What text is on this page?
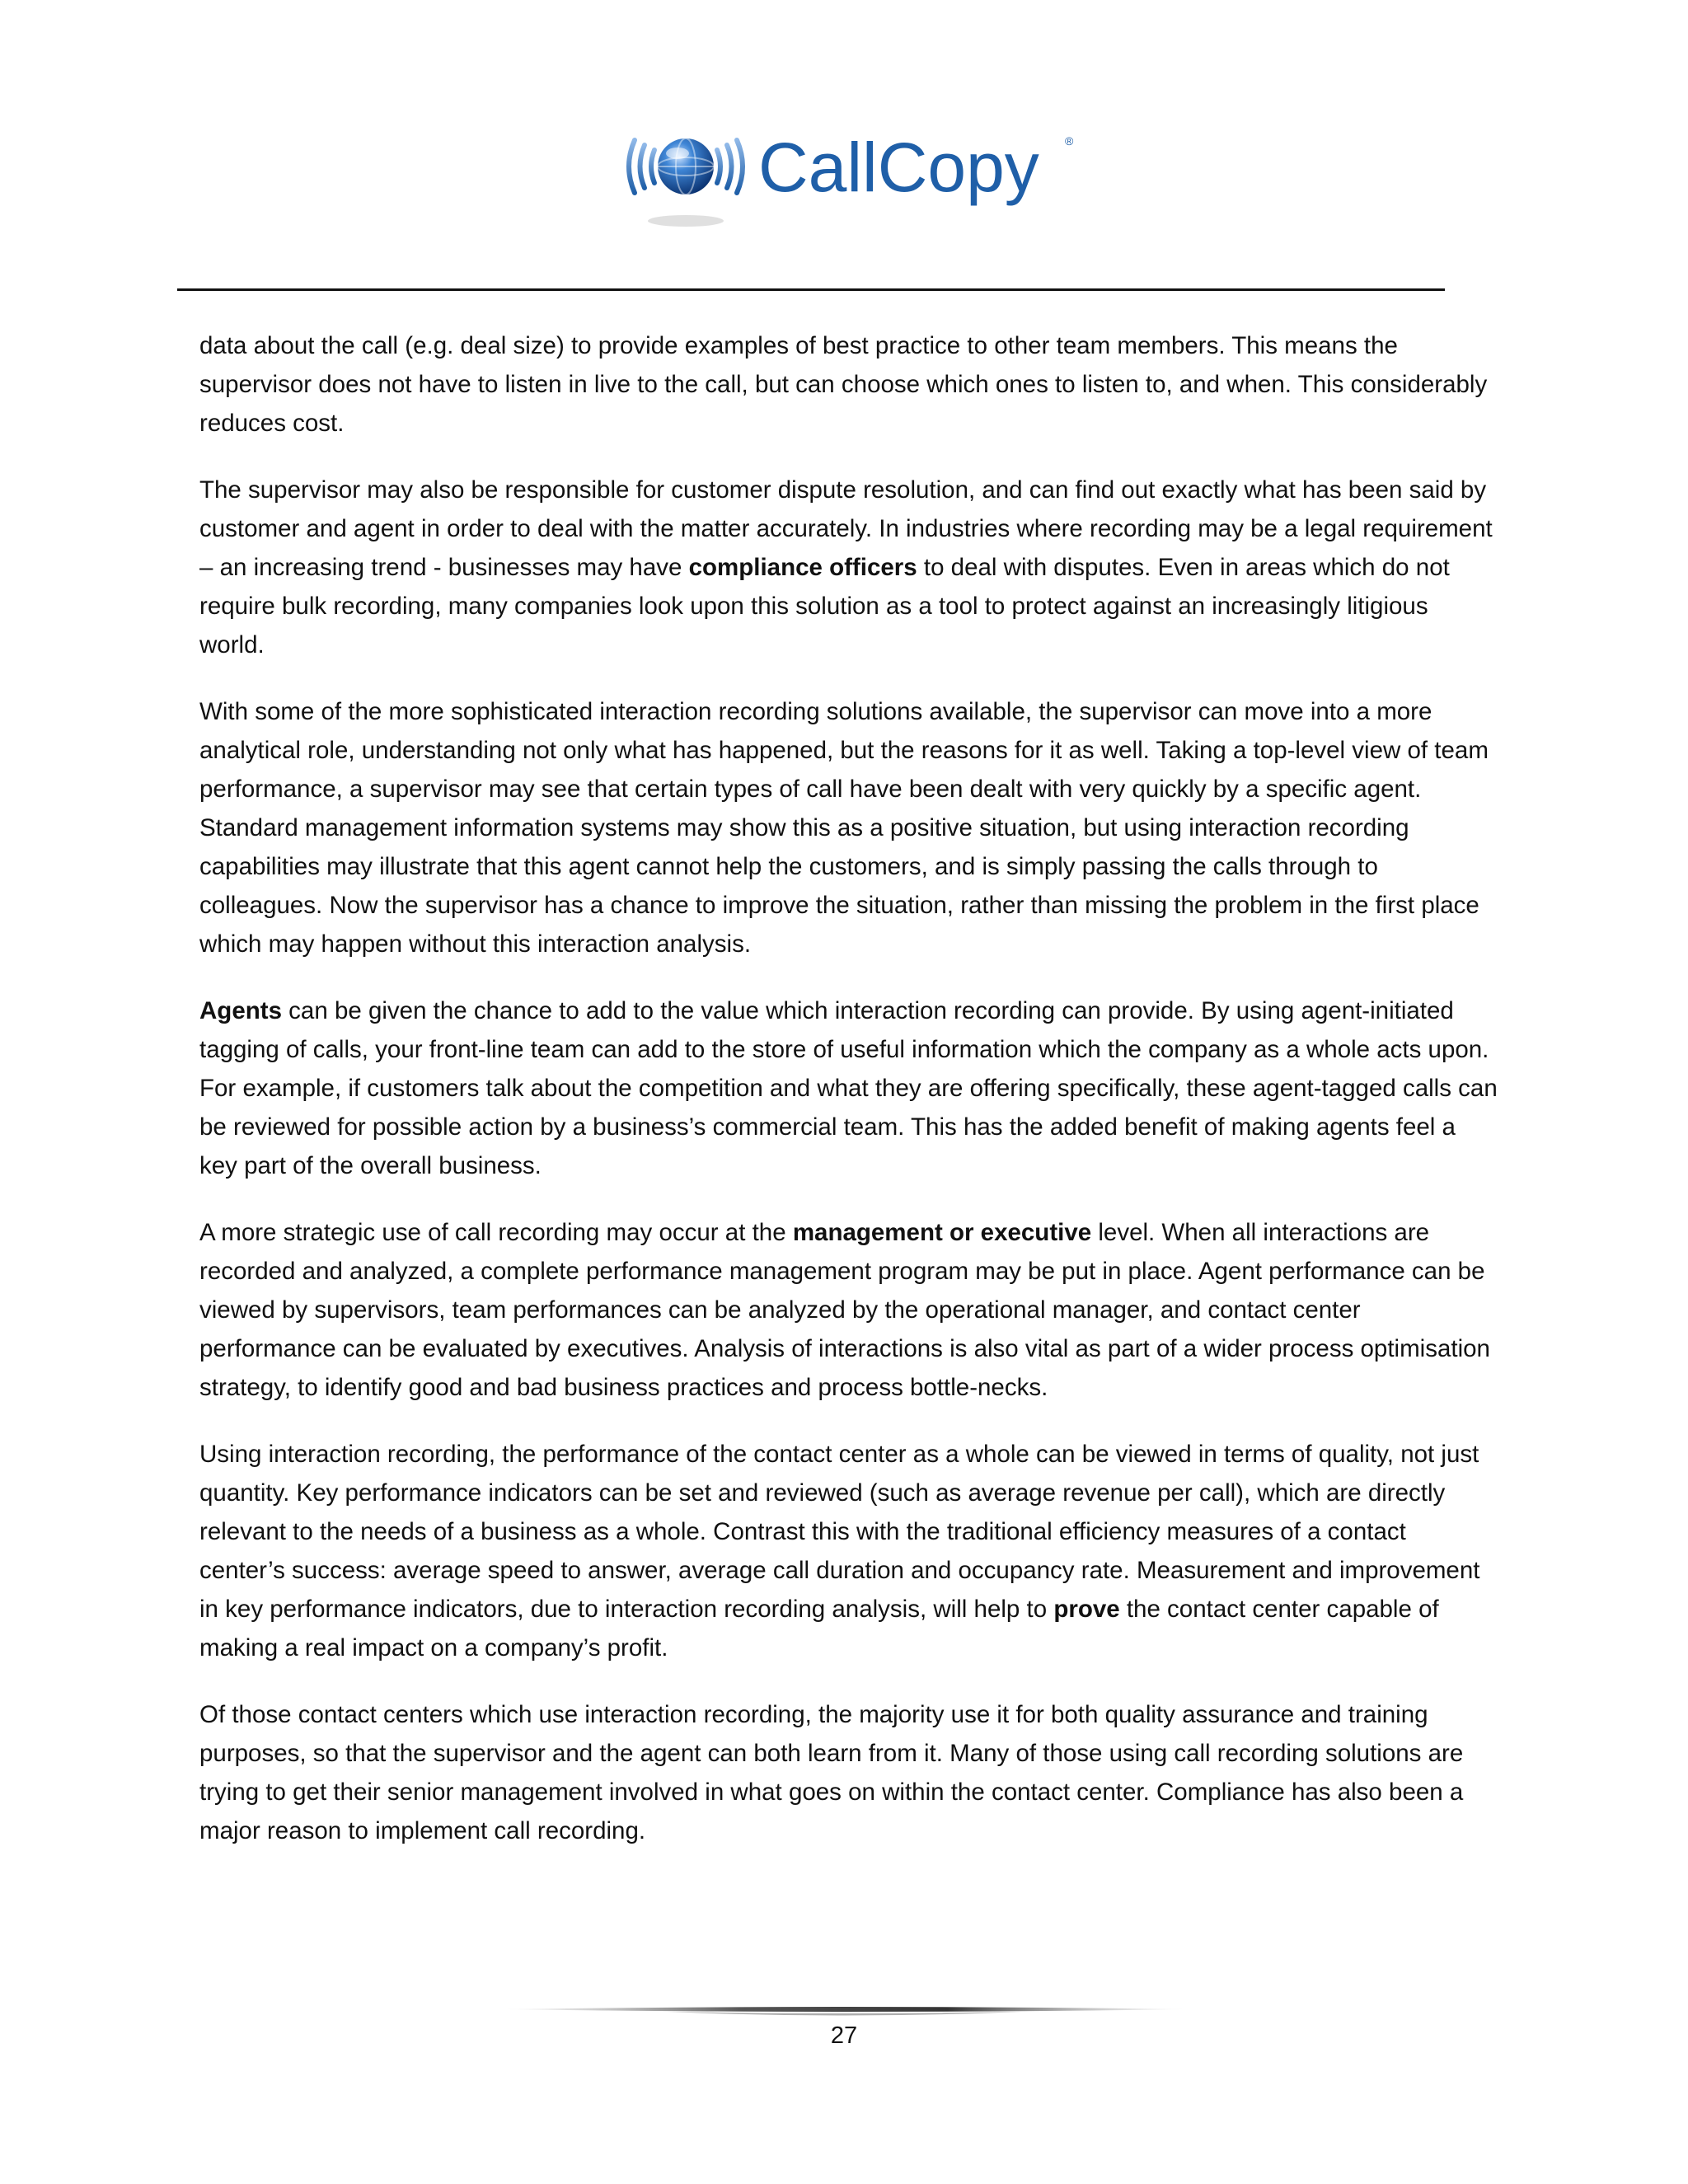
CallCopy ®

data about the call (e.g. deal size) to provide examples of best practice to other team members. This means the supervisor does not have to listen in live to the call, but can choose which ones to listen to, and when. This considerably reduces cost.

The supervisor may also be responsible for customer dispute resolution, and can find out exactly what has been said by customer and agent in order to deal with the matter accurately. In industries where recording may be a legal requirement – an increasing trend - businesses may have compliance officers to deal with disputes. Even in areas which do not require bulk recording, many companies look upon this solution as a tool to protect against an increasingly litigious world.

With some of the more sophisticated interaction recording solutions available, the supervisor can move into a more analytical role, understanding not only what has happened, but the reasons for it as well. Taking a top-level view of team performance, a supervisor may see that certain types of call have been dealt with very quickly by a specific agent. Standard management information systems may show this as a positive situation, but using interaction recording capabilities may illustrate that this agent cannot help the customers, and is simply passing the calls through to colleagues. Now the supervisor has a chance to improve the situation, rather than missing the problem in the first place which may happen without this interaction analysis.

Agents can be given the chance to add to the value which interaction recording can provide. By using agent-initiated tagging of calls, your front-line team can add to the store of useful information which the company as a whole acts upon. For example, if customers talk about the competition and what they are offering specifically, these agent-tagged calls can be reviewed for possible action by a business’s commercial team. This has the added benefit of making agents feel a key part of the overall business.

A more strategic use of call recording may occur at the management or executive level. When all interactions are recorded and analyzed, a complete performance management program may be put in place. Agent performance can be viewed by supervisors, team performances can be analyzed by the operational manager, and contact center performance can be evaluated by executives. Analysis of interactions is also vital as part of a wider process optimisation strategy, to identify good and bad business practices and process bottle-necks.

Using interaction recording, the performance of the contact center as a whole can be viewed in terms of quality, not just quantity. Key performance indicators can be set and reviewed (such as average revenue per call), which are directly relevant to the needs of a business as a whole. Contrast this with the traditional efficiency measures of a contact center’s success: average speed to answer, average call duration and occupancy rate. Measurement and improvement in key performance indicators, due to interaction recording analysis, will help to prove the contact center capable of making a real impact on a company’s profit.

Of those contact centers which use interaction recording, the majority use it for both quality assurance and training purposes, so that the supervisor and the agent can both learn from it. Many of those using call recording solutions are trying to get their senior management involved in what goes on within the contact center. Compliance has also been a major reason to implement call recording.

27
